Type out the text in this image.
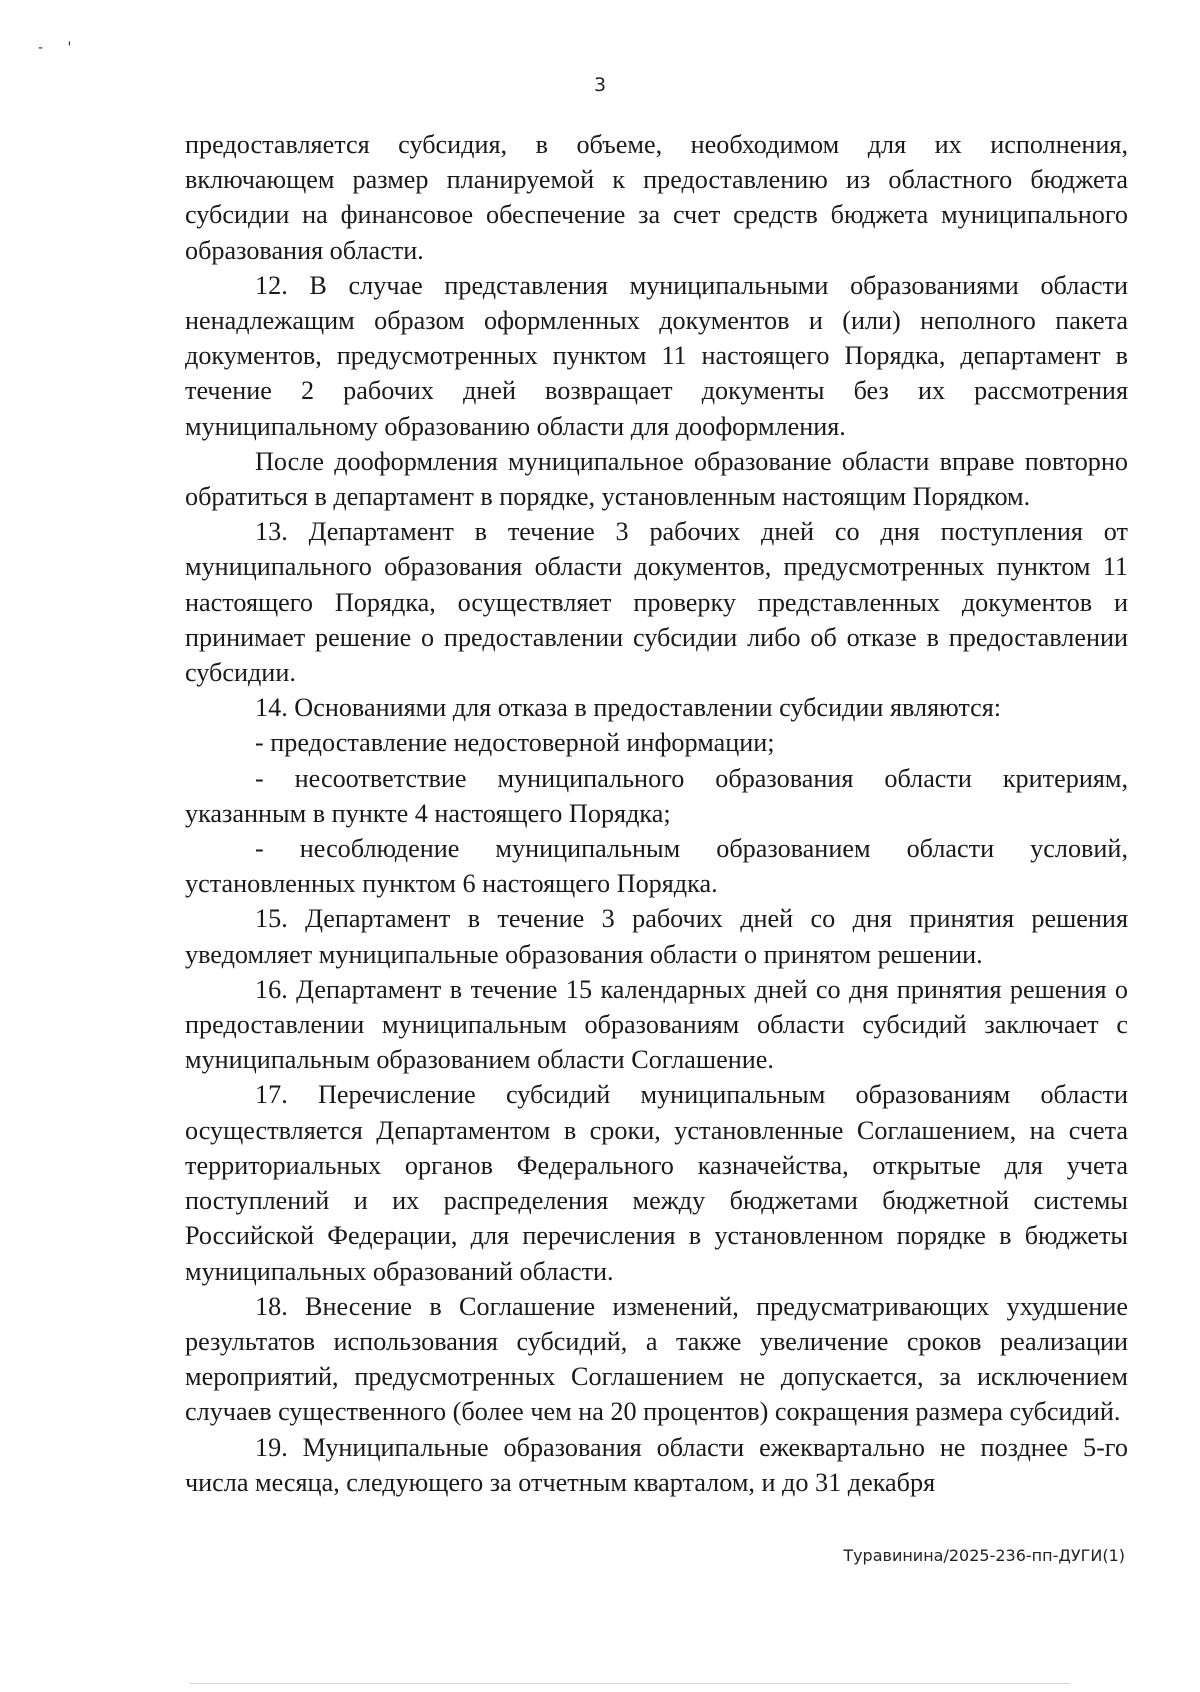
- '
3

предоставляется субсидия, в объеме, необходимом для их исполнения, включающем размер планируемой к предоставлению из областного бюджета субсидии на финансовое обеспечение за счет средств бюджета муниципального образования области.

12. В случае представления муниципальными образованиями области ненадлежащим образом оформленных документов и (или) неполного пакета документов, предусмотренных пунктом 11 настоящего Порядка, департамент в течение 2 рабочих дней возвращает документы без их рассмотрения муниципальному образованию области для дооформления.

После дооформления муниципальное образование области вправе повторно обратиться в департамент в порядке, установленным настоящим Порядком.

13. Департамент в течение 3 рабочих дней со дня поступления от муниципального образования области документов, предусмотренных пунктом 11 настоящего Порядка, осуществляет проверку представленных документов и принимает решение о предоставлении субсидии либо об отказе в предоставлении субсидии.

14. Основаниями для отказа в предоставлении субсидии являются:

- предоставление недостоверной информации;

- несоответствие муниципального образования области критериям, указанным в пункте 4 настоящего Порядка;

- несоблюдение муниципальным образованием области условий, установленных пунктом 6 настоящего Порядка.

15. Департамент в течение 3 рабочих дней со дня принятия решения уведомляет муниципальные образования области о принятом решении.

16. Департамент в течение 15 календарных дней со дня принятия решения о предоставлении муниципальным образованиям области субсидий заключает с муниципальным образованием области Соглашение.

17. Перечисление субсидий муниципальным образованиям области осуществляется Департаментом в сроки, установленные Соглашением, на счета территориальных органов Федерального казначейства, открытые для учета поступлений и их распределения между бюджетами бюджетной системы Российской Федерации, для перечисления в установленном порядке в бюджеты муниципальных образований области.

18. Внесение в Соглашение изменений, предусматривающих ухудшение результатов использования субсидий, а также увеличение сроков реализации мероприятий, предусмотренных Соглашением не допускается, за исключением случаев существенного (более чем на 20 процентов) сокращения размера субсидий.

19. Муниципальные образования области ежеквартально не позднее 5-го числа месяца, следующего за отчетным кварталом, и до 31 декабря

Туравинина/2025-236-пп-ДУГИ(1)
